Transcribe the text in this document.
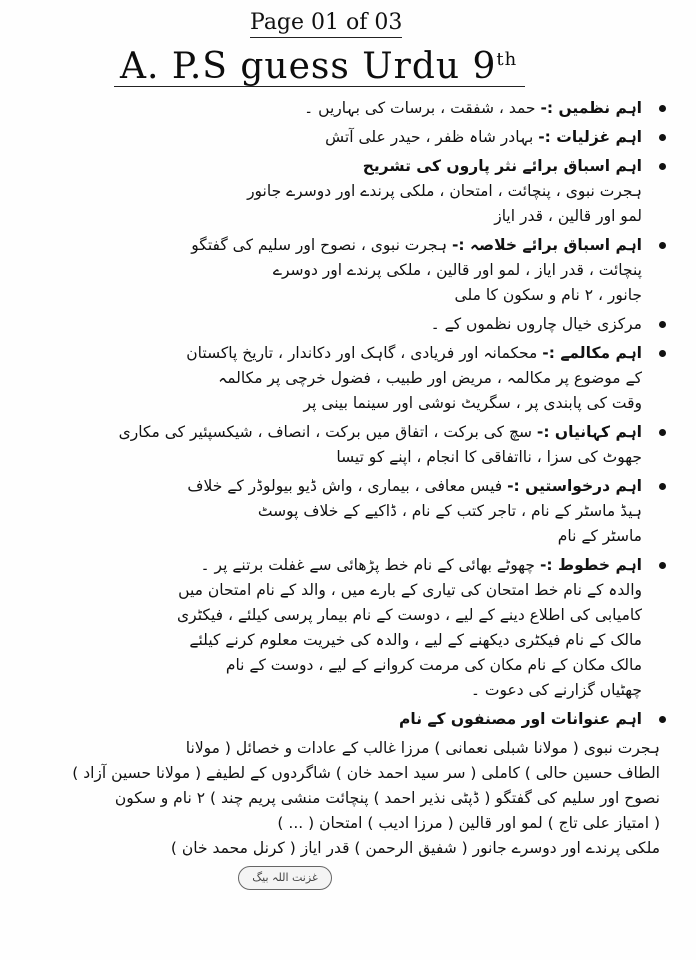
Page 01 of 03
A. P.S guess Urdu 9th
اہم نظمیں :- حمد ، شفقت ، برسات کی بہاریں ۔
اہم غزلیات :- بہادر شاہ ظفر ، حیدر علی آتش
اہم اسباق برائے نثر پاروں کی تشریح
ہجرت نبوی ، پنچائت ، امتحان ، ملکی پرندے اور دوسرے جانور
لمو اور قالین ، قدر ایاز
اہم اسباق برائے خلاصہ :- ہجرت نبوی ، نصوح اور سلیم کی گفتگو
پنچائت ، قدر ایاز ، لمو اور قالین ، ملکی پرندے اور دوسرے
جانور ، ۲ نام و سکون کا ملی
مرکزی خیال چاروں نظموں کے ۔
اہم مکالمے :- محکمانہ اور فریادی ، گاہک اور دکاندار ، تاریخ پاکستان
کے موضوع پر مکالمہ ، مریض اور طبیب ، فضول خرچی پر مکالمہ
وقت کی پابندی پر ، سگریٹ نوشی اور سینما بینی پر
اہم کہانیاں :- سچ کی برکت ، اتفاق میں برکت ، انصاف ، شیکسپئیر کی مکاری
جھوٹ کی سزا ، نااتفاقی کا انجام ، اپنے کو تیسا
اہم درخواستیں :- فیس معافی ، بیماری ، واش ڈیو بیولوڈر کے خلاف
ہیڈ ماسٹر کے نام ، تاجر کتب کے نام ، ڈاکیے کے خلاف پوسٹ
ماسٹر کے نام
اہم خطوط :- چھوٹے بھائی کے نام خط پڑھائی سے غفلت برتنے پر ۔
والدہ کے نام خط امتحان کی تیاری کے بارے میں ، والد کے نام امتحان میں
کامیابی کی اطلاع دینے کے لیے ، دوست کے نام بیمار پرسی کیلئے ، فیکٹری
مالک کے نام فیکٹری دیکھنے کے لیے ، والدہ کی خیریت معلوم کرنے کیلئے
مالک مکان کے نام مکان کی مرمت کروانے کے لیے ، دوست کے نام
چھٹیاں گزارنے کی دعوت ۔
اہم عنوانات اور مصنفوں کے نام
ہجرت نبوی ( مولانا شبلی نعمانی ) مرزا غالب کے عادات و خصائل ( مولانا
الطاف حسین حالی ) کاملی ( سر سید احمد خان ) شاگردوں کے لطیفے ( مولانا حسین آزاد )
نصوح اور سلیم کی گفتگو ( ڈپٹی نذیر احمد ) پنچائت منشی پریم چند ) ۲ نام و سکون
( امتیاز علی تاج ) لمو اور قالین ( مرزا ادیب ) امتحان ( ... )
ملکی پرندے اور دوسرے جانور ( شفیق الرحمن ) قدر ایاز ( کرنل محمد خان )
غزنت اللہ بیگ
